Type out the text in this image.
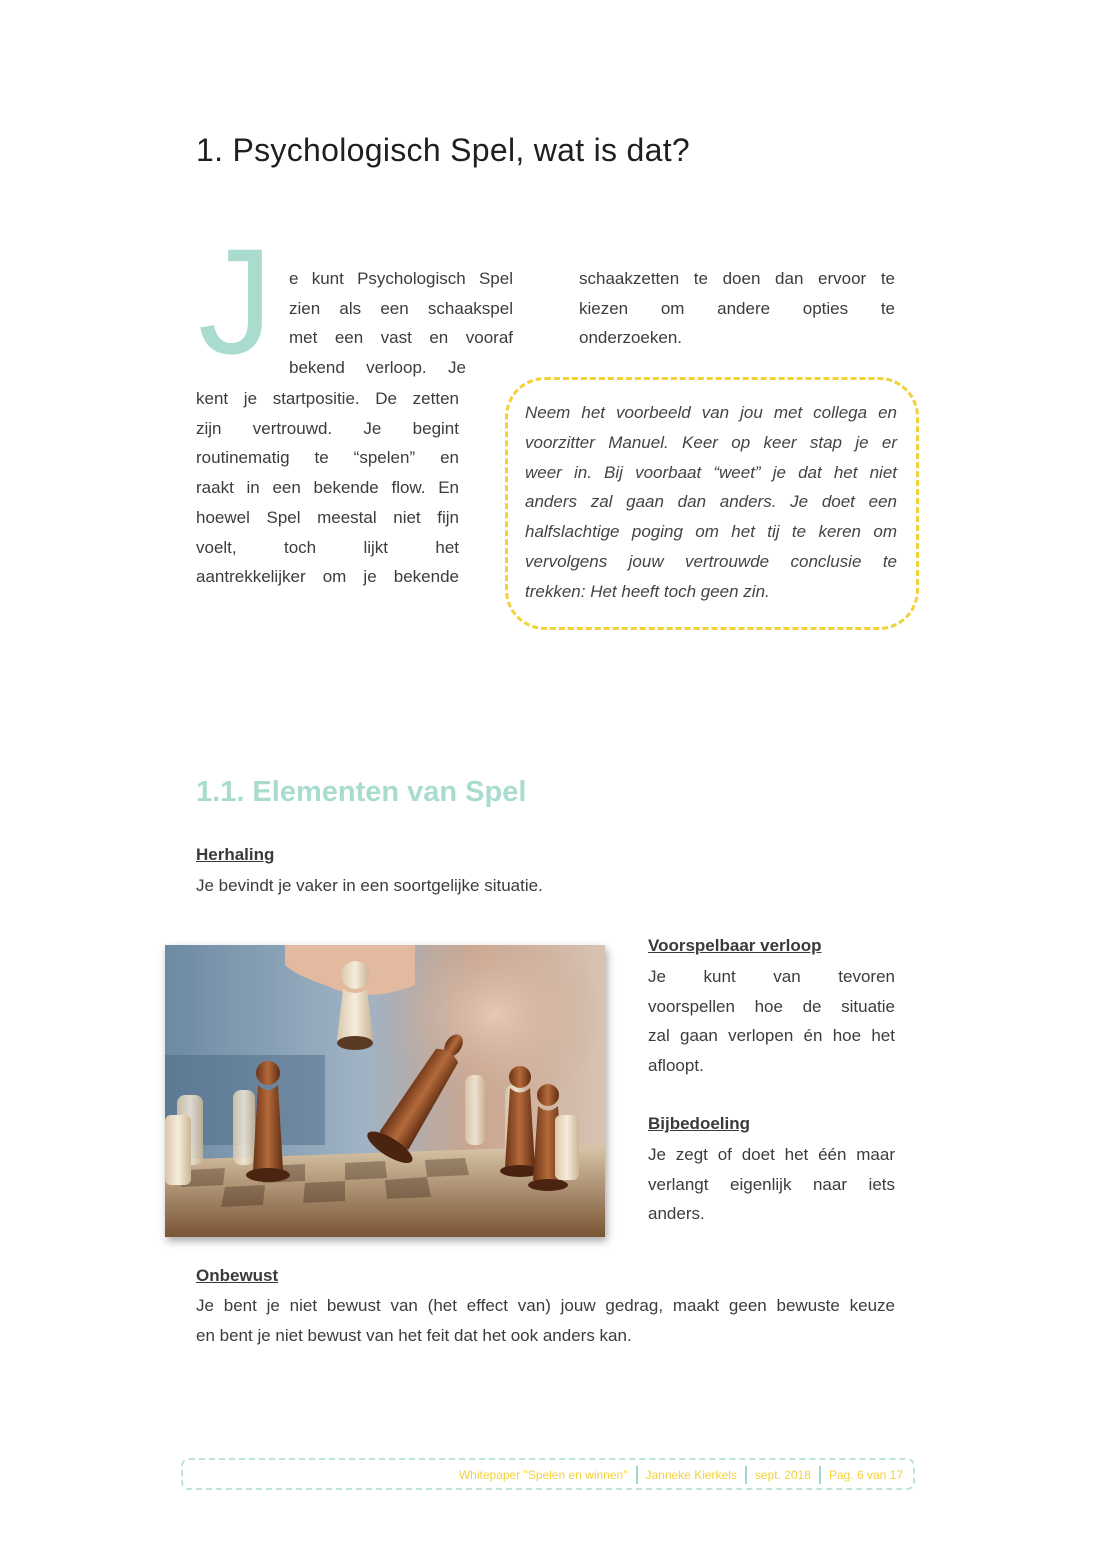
1. Psychologisch Spel, wat is dat?
J e kunt Psychologisch Spel
zien als een schaakspel
met een vast en vooraf
bekend verloop. Je
kent je startpositie. De zetten
zijn vertrouwd. Je begint
routinematig te “spelen” en
raakt in een bekende flow. En
hoewel Spel meestal niet fijn
voelt, toch lijkt het
aantrekkelijker om je bekende
schaakzetten te doen dan ervoor te
kiezen om andere opties te
onderzoeken.
Neem het voorbeeld van jou met collega en
voorzitter Manuel. Keer op keer stap je er
weer in. Bij voorbaat “weet” je dat het niet
anders zal gaan dan anders. Je doet een
halfslachtige poging om het tij te keren om
vervolgens jouw vertrouwde conclusie te
trekken: Het heeft toch geen zin.
1.1. Elementen van Spel
Herhaling
Je bevindt je vaker in een soortgelijke situatie.
Voorspelbaar verloop
Je kunt van tevoren
voorspellen hoe de situatie
zal gaan verlopen én hoe het
afloopt.
Bijbedoeling
Je zegt of doet het één maar
verlangt eigenlijk naar iets
anders.
Onbewust
Je bent je niet bewust van (het effect van) jouw gedrag, maakt geen bewuste keuze
en bent je niet bewust van het feit dat het ook anders kan.
Whitepaper "Spelen en winnen" Janneke Kierkels sept. 2018 Pag. 6 van 17
